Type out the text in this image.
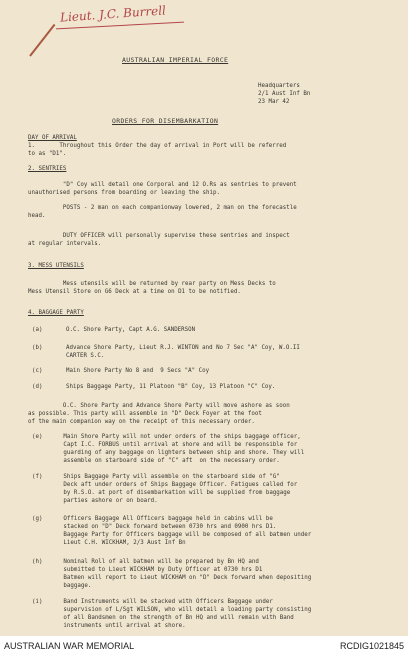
Lieut. J.C. Burrell
AUSTRALIAN IMPERIAL FORCE
Headquarters
2/1 Aust Inf Bn
23 Mar 42
ORDERS FOR DISEMBARKATION
DAY OF ARRIVAL
1.       Throughout this Order the day of arrival in Port will be referred
to as "D1".
2. SENTRIES
"D" Coy will detail one Corporal and 12 O.Rs as sentries to prevent
unauthorised persons from boarding or leaving the ship.
POSTS - 2 man on each companionway lowered, 2 man on the forecastle
head.
DUTY OFFICER will personally supervise these sentries and inspect
at regular intervals.
3. MESS UTENSILS
Mess utensils will be returned by rear party on Mess Decks to
Mess Utensil Store on G6 Deck at a time on D1 to be notified.
4. BAGGAGE PARTY
(a)	O.C. Shore Party, Capt A.G. SANDERSON
(b)	Advance Shore Party, Lieut R.J. WINTON and No 7 Sec "A" Coy, W.O.II
CARTER S.C.
(c)	Main Shore Party No 8 and  9 Secs "A" Coy
(d)	Ships Baggage Party, 11 Platoon "B" Coy, 13 Platoon "C" Coy.
O.C. Shore Party and Advance Shore Party will move ashore as soon
as possible. This party will assemble in "D" Deck Foyer at the foot
of the main companion way on the receipt of this necessary order.
(e)      Main Shore Party will not under orders of the ships baggage officer,
Capt I.C. FORBUS until arrival at shore and will be responsible for
guarding of any baggage on lighters between ship and shore. They will
assemble on starboard side of "C" aft  on the necessary order.
(f)      Ships Baggage Party will assemble on the starboard side of "G"
Deck aft under orders of Ships Baggage Officer. Fatigues called for
by R.S.O. at port of disembarkation will be supplied from baggage
parties ashore or on board.
(g)      Officers Baggage All Officers baggage held in cabins will be
stacked on "D" Deck forward between 0730 hrs and 0900 hrs D1.
Baggage Party for Officers baggage will be composed of all batmen under
Lieut C.H. WICKHAM, 2/3 Aust Inf Bn
(h)      Nominal Roll of all batmen will be prepared by Bn HQ and
submitted to Lieut WICKHAM by Duty Officer at 0730 hrs D1
Batmen will report to Lieut WICKHAM on "D" Deck forward when depositing
baggage.
(i)      Band Instruments will be stacked with Officers Baggage under
supervision of L/Sgt WILSON, who will detail a loading party consisting
of all Bandsmen on the strength of Bn HQ and will remain with Band
instruments until arrival at shore.
AUSTRALIAN WAR MEMORIAL	RCDIG1021845
